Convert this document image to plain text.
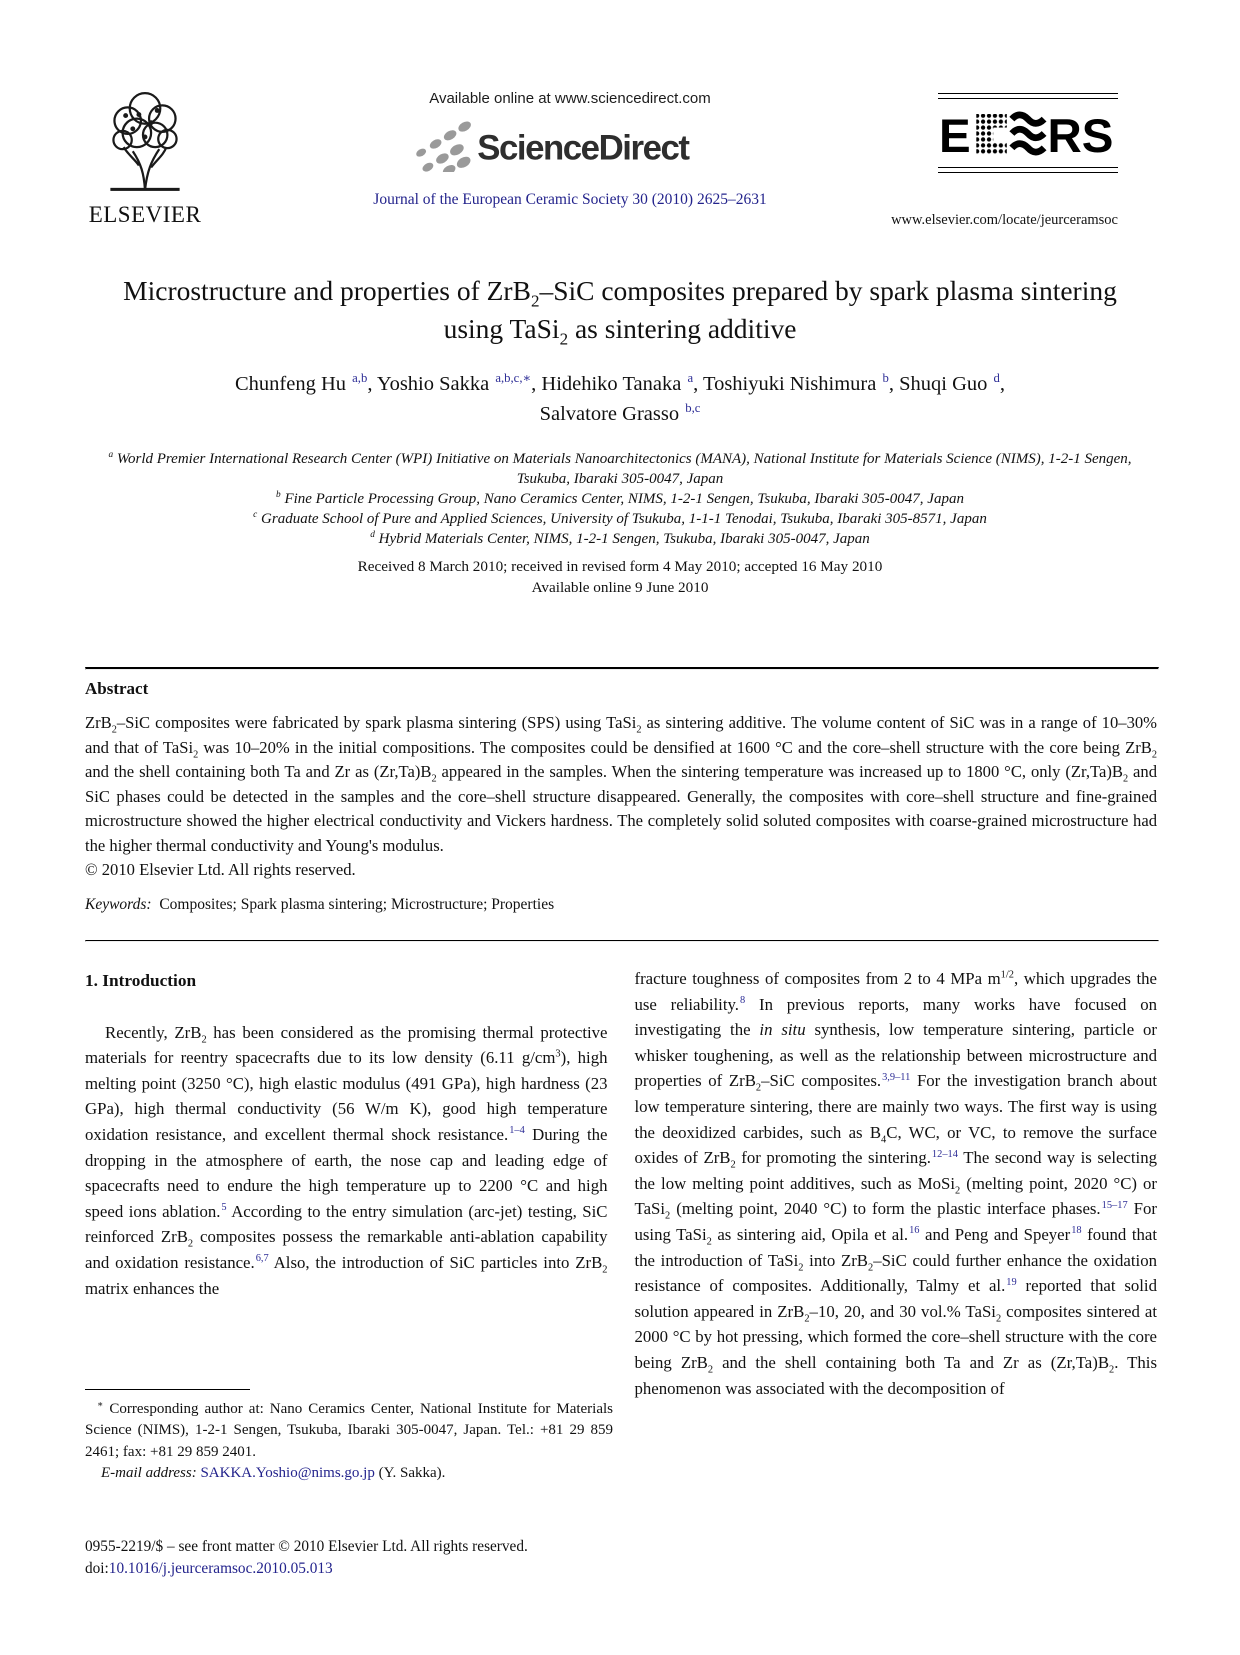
ELSEVIER
Available online at www.sciencedirect.com
ScienceDirect
Journal of the European Ceramic Society 30 (2010) 2625–2631
E RS
www.elsevier.com/locate/jeurceramsoc
Microstructure and properties of ZrB$_2$–SiC composites prepared by spark plasma sintering using TaSi$_2$ as sintering additive
Chunfeng Hu $^{a,b}$, Yoshio Sakka $^{a,b,c,∗}$, Hidehiko Tanaka $^a$, Toshiyuki Nishimura $^b$, Shuqi Guo $^d$,
Salvatore Grasso $^{b,c}$
$^a$ World Premier International Research Center (WPI) Initiative on Materials Nanoarchitectonics (MANA), National Institute for Materials Science (NIMS), 1-2-1 Sengen, Tsukuba, Ibaraki 305-0047, Japan
$^b$ Fine Particle Processing Group, Nano Ceramics Center, NIMS, 1-2-1 Sengen, Tsukuba, Ibaraki 305-0047, Japan
$^c$ Graduate School of Pure and Applied Sciences, University of Tsukuba, 1-1-1 Tenodai, Tsukuba, Ibaraki 305-8571, Japan
$^d$ Hybrid Materials Center, NIMS, 1-2-1 Sengen, Tsukuba, Ibaraki 305-0047, Japan
Received 8 March 2010; received in revised form 4 May 2010; accepted 16 May 2010
Available online 9 June 2010
Abstract
ZrB$_2$–SiC composites were fabricated by spark plasma sintering (SPS) using TaSi$_2$ as sintering additive. The volume content of SiC was in a range of 10–30% and that of TaSi$_2$ was 10–20% in the initial compositions. The composites could be densified at 1600 °C and the core–shell structure with the core being ZrB$_2$ and the shell containing both Ta and Zr as $(Zr,Ta)B_2$ appeared in the samples. When the sintering temperature was increased up to 1800 °C, only $(Zr,Ta)B_2$ and SiC phases could be detected in the samples and the core–shell structure disappeared. Generally, the composites with core–shell structure and fine-grained microstructure showed the higher electrical conductivity and Vickers hardness. The completely solid soluted composites with coarse-grained microstructure had the higher thermal conductivity and Young's modulus.
© 2010 Elsevier Ltd. All rights reserved.
Keywords: Composites; Spark plasma sintering; Microstructure; Properties
1. Introduction

Recently, ZrB$_2$ has been considered as the promising thermal protective materials for reentry spacecrafts due to its low density (6.11 $g/cm^3$), high melting point (3250 °C), high elastic modulus (491 GPa), high hardness (23 GPa), high thermal conductivity (56 W/m K), good high temperature oxidation resistance, and excellent thermal shock resistance.$^{1-4}$ During the dropping in the atmosphere of earth, the nose cap and leading edge of spacecrafts need to endure the high temperature up to 2200 °C and high speed ions ablation.$^5$ According to the entry simulation (arc-jet) testing, SiC reinforced ZrB$_2$ composites possess the remarkable anti-ablation capability and oxidation resistance.$^{6,7}$ Also, the introduction of SiC particles into ZrB$_2$ matrix enhances the

fracture toughness of composites from 2 to 4 MPa $m^{1/2}$, which upgrades the use reliability.$^8$ In previous reports, many works have focused on investigating the in situ synthesis, low temperature sintering, particle or whisker toughening, as well as the relationship between microstructure and properties of ZrB$_2$–SiC composites.$^{3,9-11}$ For the investigation branch about low temperature sintering, there are mainly two ways. The first way is using the deoxidized carbides, such as $B_4C$, WC, or VC, to remove the surface oxides of ZrB$_2$ for promoting the sintering.$^{12-14}$ The second way is selecting the low melting point additives, such as MoSi$_2$ (melting point, 2020 °C) or TaSi$_2$ (melting point, 2040 °C) to form the plastic interface phases.$^{15-17}$ For using TaSi$_2$ as sintering aid, Opila et al.$^{16}$ and Peng and Speyer$^{18}$ found that the introduction of TaSi$_2$ into ZrB$_2$–SiC could further enhance the oxidation resistance of composites. Additionally, Talmy et al.$^{19}$ reported that solid solution appeared in ZrB$_2$–10, 20, and 30 vol.% TaSi$_2$ composites sintered at 2000 °C by hot pressing, which formed the core–shell structure with the core being ZrB$_2$ and the shell containing both Ta and Zr as $(Zr,Ta)B_2$. This phenomenon was associated with the decomposition of

∗ Corresponding author at: Nano Ceramics Center, National Institute for Materials Science (NIMS), 1-2-1 Sengen, Tsukuba, Ibaraki 305-0047, Japan. Tel.: +81 29 859 2461; fax: +81 29 859 2401.

E-mail address: SAKKA.Yoshio@nims.go.jp (Y. Sakka).

0955-2219/$ – see front matter © 2010 Elsevier Ltd. All rights reserved.
doi:10.1016/j.jeurceramsoc.2010.05.013
